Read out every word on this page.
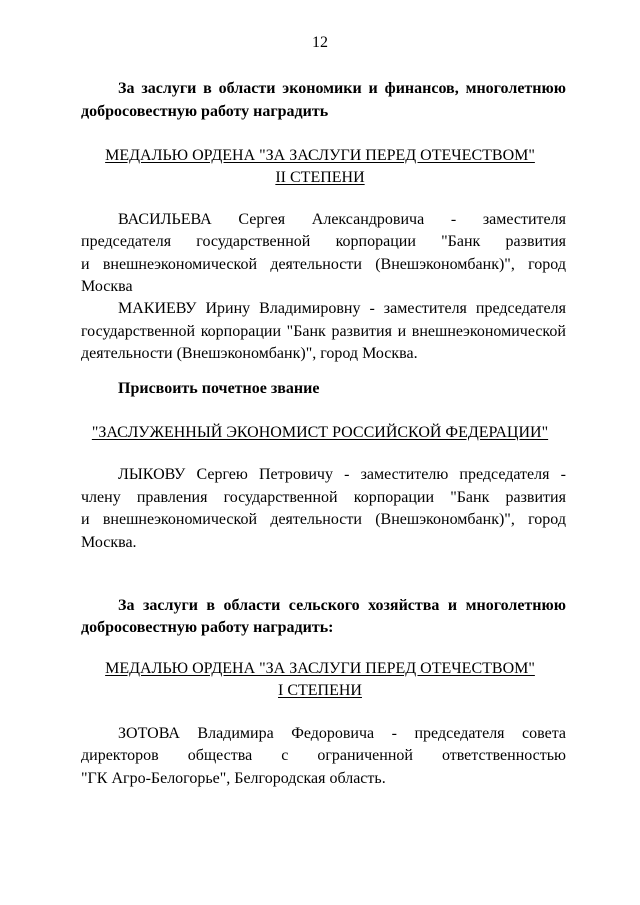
12
За заслуги в области экономики и финансов, многолетнюю
добросовестную работу наградить
МЕДАЛЬЮ ОРДЕНА "ЗА ЗАСЛУГИ ПЕРЕД ОТЕЧЕСТВОМ"
II СТЕПЕНИ
ВАСИЛЬЕВА Сергея Александровича - заместителя
председателя государственной корпорации "Банк развития
и внешнеэкономической деятельности (Внешэкономбанк)", город
Москва
МАКИЕВУ Ирину Владимировну - заместителя председателя
государственной корпорации "Банк развития и внешнеэкономической
деятельности (Внешэкономбанк)", город Москва.
Присвоить почетное звание
"ЗАСЛУЖЕННЫЙ ЭКОНОМИСТ РОССИЙСКОЙ ФЕДЕРАЦИИ"
ЛЫКОВУ Сергею Петровичу - заместителю председателя -
члену правления государственной корпорации "Банк развития
и внешнеэкономической деятельности (Внешэкономбанк)", город
Москва.
За заслуги в области сельского хозяйства и многолетнюю
добросовестную работу наградить:
МЕДАЛЬЮ ОРДЕНА "ЗА ЗАСЛУГИ ПЕРЕД ОТЕЧЕСТВОМ"
I СТЕПЕНИ
ЗОТОВА Владимира Федоровича - председателя совета
директоров общества с ограниченной ответственностью
"ГК Агро-Белогорье", Белгородская область.
